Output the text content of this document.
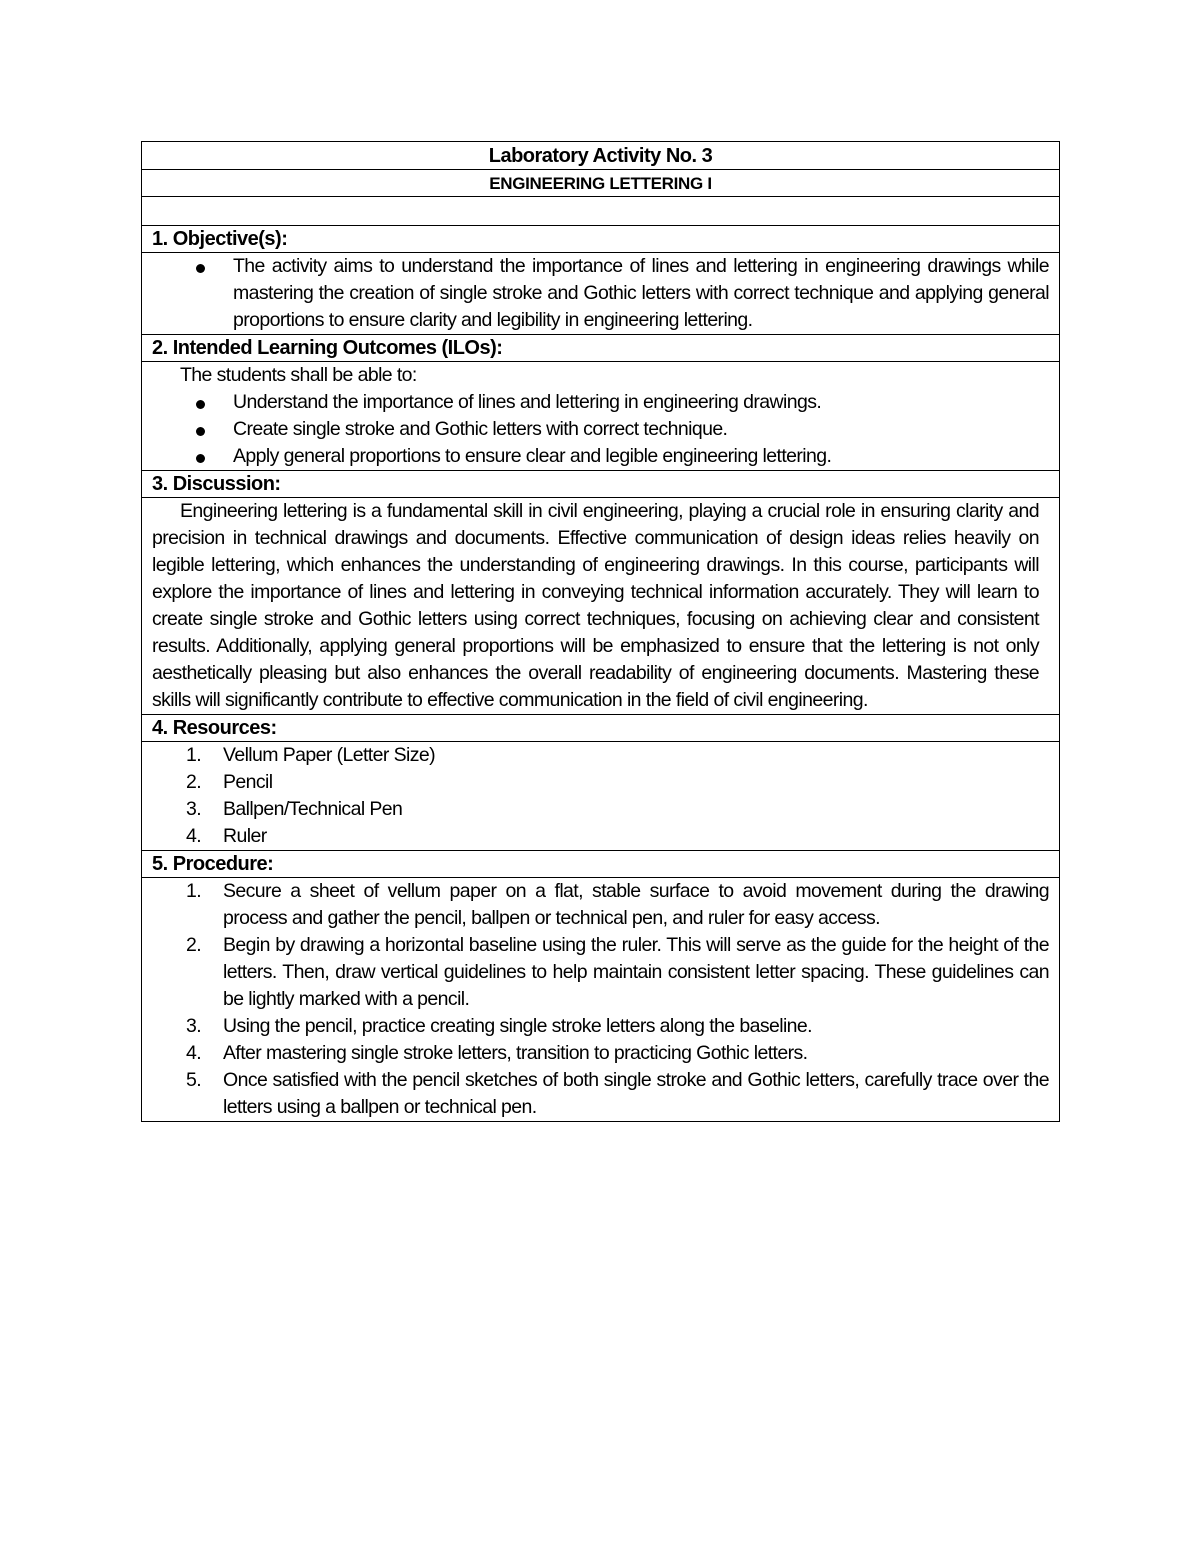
Laboratory Activity No. 3
ENGINEERING LETTERING I
1. Objective(s):
The activity aims to understand the importance of lines and lettering in engineering drawings while mastering the creation of single stroke and Gothic letters with correct technique and applying general proportions to ensure clarity and legibility in engineering lettering.
2. Intended Learning Outcomes (ILOs):
The students shall be able to:
Understand the importance of lines and lettering in engineering drawings.
Create single stroke and Gothic letters with correct technique.
Apply general proportions to ensure clear and legible engineering lettering.
3. Discussion:
Engineering lettering is a fundamental skill in civil engineering, playing a crucial role in ensuring clarity and precision in technical drawings and documents. Effective communication of design ideas relies heavily on legible lettering, which enhances the understanding of engineering drawings. In this course, participants will explore the importance of lines and lettering in conveying technical information accurately. They will learn to create single stroke and Gothic letters using correct techniques, focusing on achieving clear and consistent results. Additionally, applying general proportions will be emphasized to ensure that the lettering is not only aesthetically pleasing but also enhances the overall readability of engineering documents. Mastering these skills will significantly contribute to effective communication in the field of civil engineering.
4. Resources:
1. Vellum Paper (Letter Size)
2. Pencil
3. Ballpen/Technical Pen
4. Ruler
5. Procedure:
1. Secure a sheet of vellum paper on a flat, stable surface to avoid movement during the drawing process and gather the pencil, ballpen or technical pen, and ruler for easy access.
2. Begin by drawing a horizontal baseline using the ruler. This will serve as the guide for the height of the letters. Then, draw vertical guidelines to help maintain consistent letter spacing. These guidelines can be lightly marked with a pencil.
3. Using the pencil, practice creating single stroke letters along the baseline.
4. After mastering single stroke letters, transition to practicing Gothic letters.
5. Once satisfied with the pencil sketches of both single stroke and Gothic letters, carefully trace over the letters using a ballpen or technical pen.
